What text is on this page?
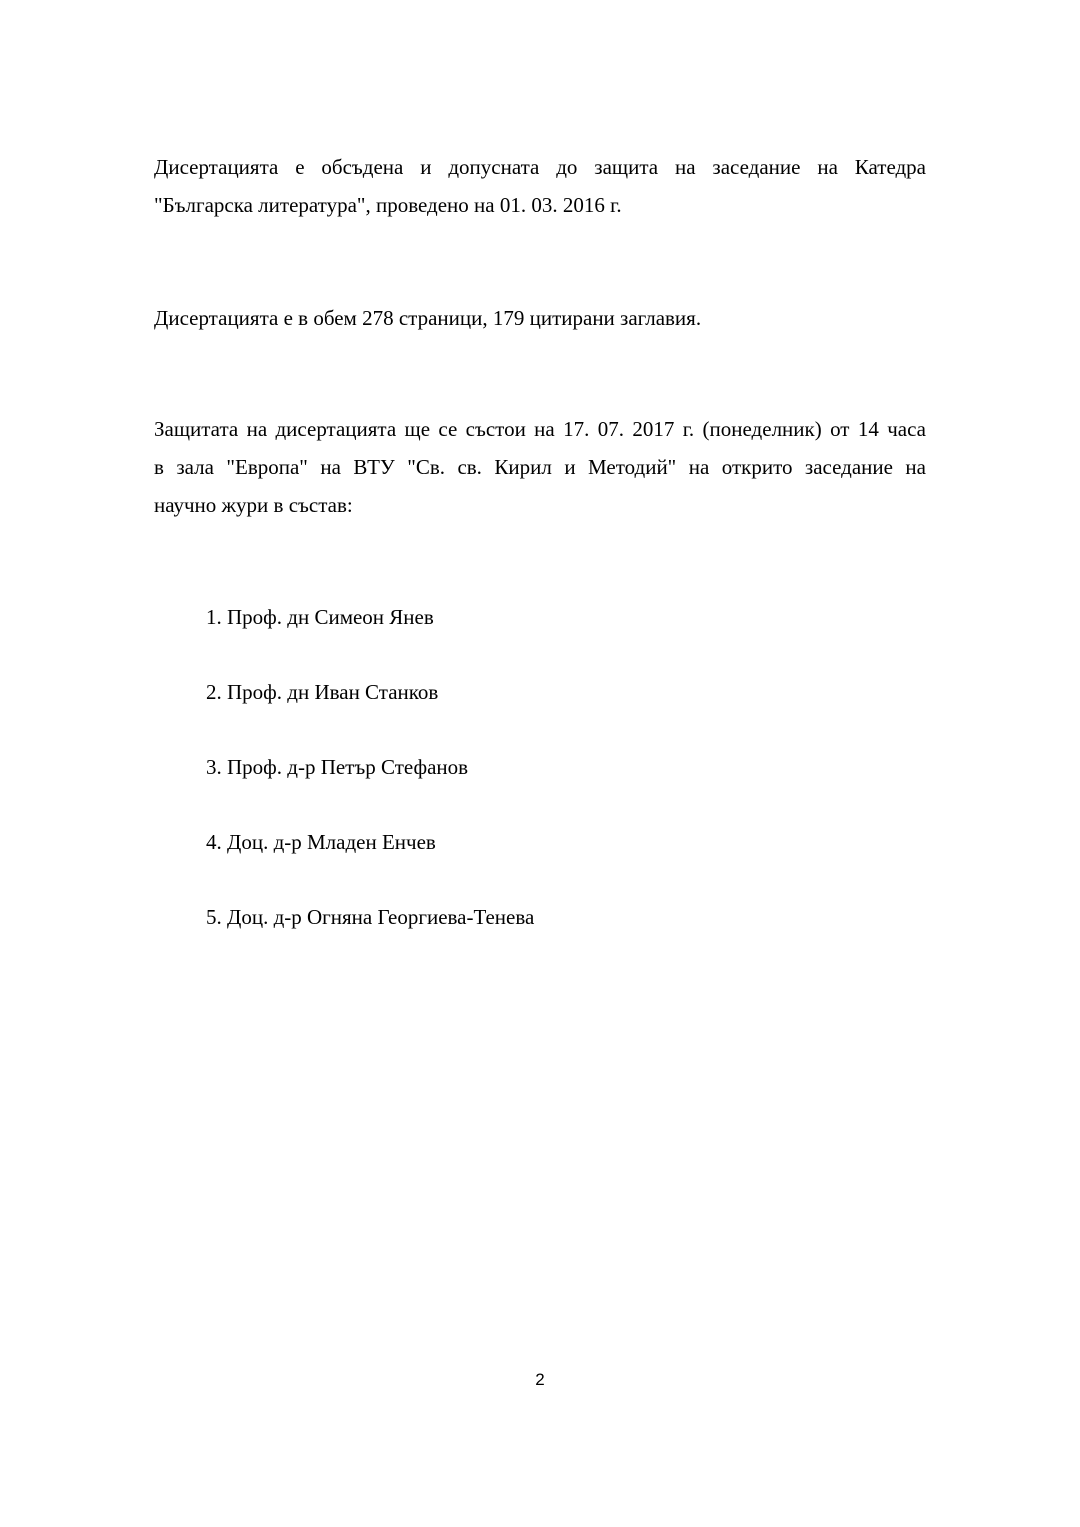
Дисертацията е обсъдена и допусната до защита на заседание на Катедра
"Българска литература", проведено на 01. 03. 2016 г.

Дисертацията е в обем 278 страници, 179 цитирани заглавия.

Защитата на дисертацията ще се състои на 17. 07. 2017 г. (понеделник) от 14 часа
в зала "Европа" на ВТУ "Св. св. Кирил и Методий" на открито заседание на
научно жури в състав:

1. Проф. дн Симеон Янев
2. Проф. дн Иван Станков
3. Проф. д-р Петър Стефанов
4. Доц. д-р Младен Енчев
5. Доц. д-р Огняна Георгиева-Тенева
2
